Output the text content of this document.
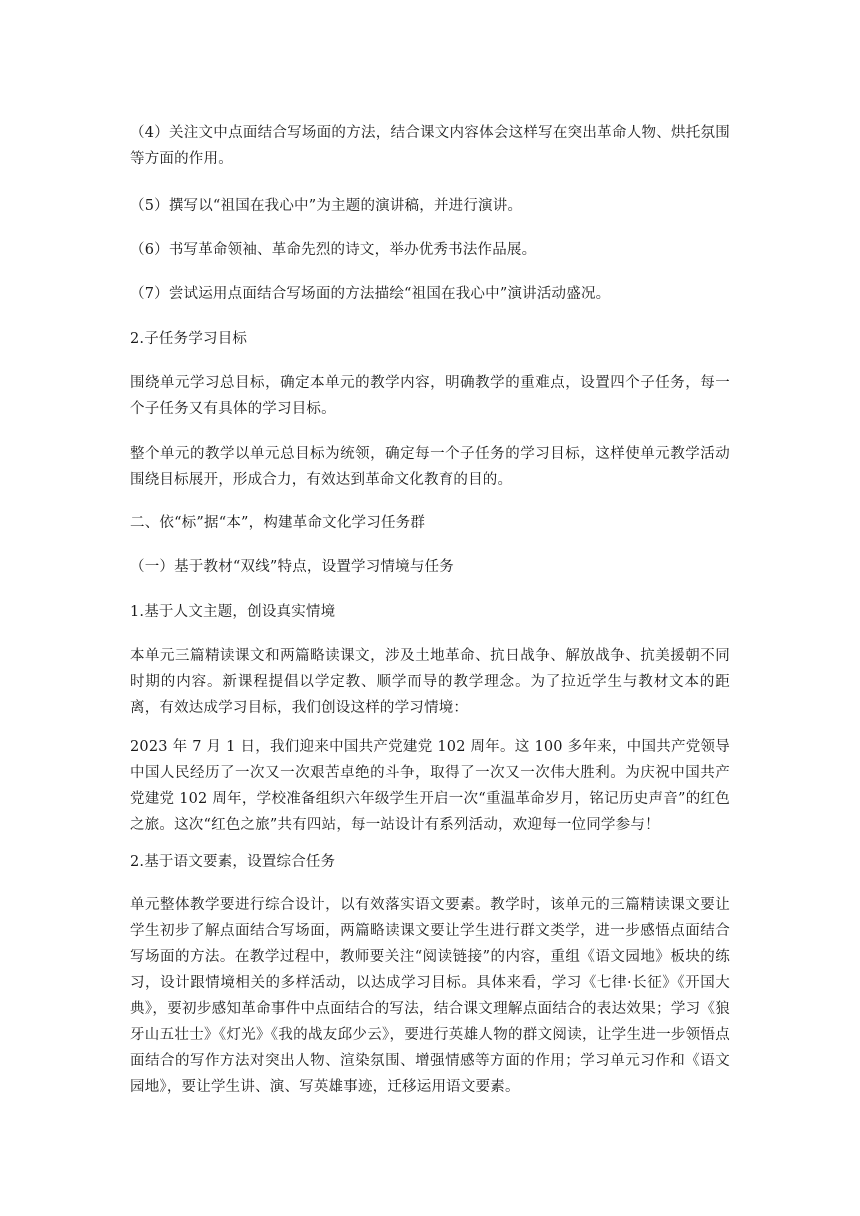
（4）关注文中点面结合写场面的方法，结合课文内容体会这样写在突出革命人物、烘托氛围等方面的作用。

（5）撰写以“祖国在我心中”为主题的演讲稿，并进行演讲。

（6）书写革命领袖、革命先烈的诗文，举办优秀书法作品展。

（7）尝试运用点面结合写场面的方法描绘“祖国在我心中”演讲活动盛况。

2.子任务学习目标

围绕单元学习总目标，确定本单元的教学内容，明确教学的重难点，设置四个子任务，每一个子任务又有具体的学习目标。

整个单元的教学以单元总目标为统领，确定每一个子任务的学习目标，这样使单元教学活动围绕目标展开，形成合力，有效达到革命文化教育的目的。

二、依“标”据“本”，构建革命文化学习任务群

（一）基于教材“双线”特点，设置学习情境与任务

1.基于人文主题，创设真实情境

本单元三篇精读课文和两篇略读课文，涉及土地革命、抗日战争、解放战争、抗美援朝不同时期的内容。新课程提倡以学定教、顺学而导的教学理念。为了拉近学生与教材文本的距离，有效达成学习目标，我们创设这样的学习情境：

2023 年 7 月 1 日，我们迎来中国共产党建党 102 周年。这 100 多年来，中国共产党领导中国人民经历了一次又一次艰苦卓绝的斗争，取得了一次又一次伟大胜利。为庆祝中国共产党建党 102 周年，学校准备组织六年级学生开启一次“重温革命岁月，铭记历史声音”的红色之旅。这次“红色之旅”共有四站，每一站设计有系列活动，欢迎每一位同学参与！

2.基于语文要素，设置综合任务

单元整体教学要进行综合设计，以有效落实语文要素。教学时，该单元的三篇精读课文要让学生初步了解点面结合写场面，两篇略读课文要让学生进行群文类学，进一步感悟点面结合写场面的方法。在教学过程中，教师要关注“阅读链接”的内容，重组《语文园地》板块的练习，设计跟情境相关的多样活动，以达成学习目标。具体来看，学习《七律·长征》《开国大典》，要初步感知革命事件中点面结合的写法，结合课文理解点面结合的表达效果；学习《狼牙山五壮士》《灯光》《我的战友邱少云》，要进行英雄人物的群文阅读，让学生进一步领悟点面结合的写作方法对突出人物、渲染氛围、增强情感等方面的作用；学习单元习作和《语文园地》，要让学生讲、演、写英雄事迹，迁移运用语文要素。
